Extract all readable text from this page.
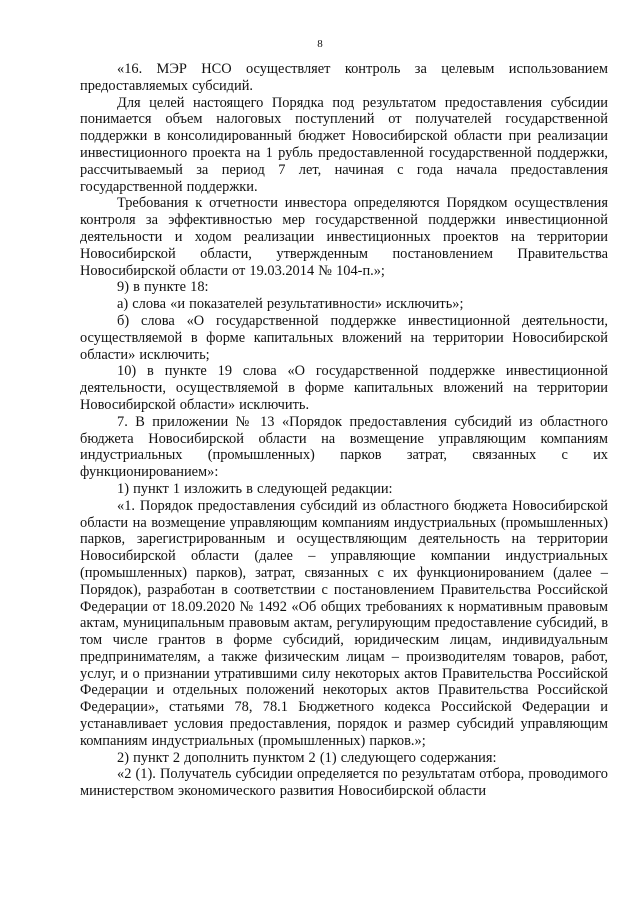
8

«16. МЭР НСО осуществляет контроль за целевым использованием предоставляемых субсидий.

Для целей настоящего Порядка под результатом предоставления субсидии понимается объем налоговых поступлений от получателей государственной поддержки в консолидированный бюджет Новосибирской области при реализации инвестиционного проекта на 1 рубль предоставленной государственной поддержки, рассчитываемый за период 7 лет, начиная с года начала предоставления государственной поддержки.

Требования к отчетности инвестора определяются Порядком осуществления контроля за эффективностью мер государственной поддержки инвестиционной деятельности и ходом реализации инвестиционных проектов на территории Новосибирской области, утвержденным постановлением Правительства Новосибирской области от 19.03.2014 № 104-п.»;

9) в пункте 18:

а) слова «и показателей результативности» исключить»;

б) слова «О государственной поддержке инвестиционной деятельности, осуществляемой в форме капитальных вложений на территории Новосибирской области» исключить;

10) в пункте 19 слова «О государственной поддержке инвестиционной деятельности, осуществляемой в форме капитальных вложений на территории Новосибирской области» исключить.

7. В приложении № 13 «Порядок предоставления субсидий из областного бюджета Новосибирской области на возмещение управляющим компаниям индустриальных (промышленных) парков затрат, связанных с их функционированием»:

1) пункт 1 изложить в следующей редакции:

«1. Порядок предоставления субсидий из областного бюджета Новосибирской области на возмещение управляющим компаниям индустриальных (промышленных) парков, зарегистрированным и осуществляющим деятельность на территории Новосибирской области (далее – управляющие компании индустриальных (промышленных) парков), затрат, связанных с их функционированием (далее – Порядок), разработан в соответствии с постановлением Правительства Российской Федерации от 18.09.2020 № 1492 «Об общих требованиях к нормативным правовым актам, муниципальным правовым актам, регулирующим предоставление субсидий, в том числе грантов в форме субсидий, юридическим лицам, индивидуальным предпринимателям, а также физическим лицам – производителям товаров, работ, услуг, и о признании утратившими силу некоторых актов Правительства Российской Федерации и отдельных положений некоторых актов Правительства Российской Федерации», статьями 78, 78.1 Бюджетного кодекса Российской Федерации и устанавливает условия предоставления, порядок и размер субсидий управляющим компаниям индустриальных (промышленных) парков.»;

2) пункт 2 дополнить пунктом 2 (1) следующего содержания:

«2 (1). Получатель субсидии определяется по результатам отбора, проводимого министерством экономического развития Новосибирской области
